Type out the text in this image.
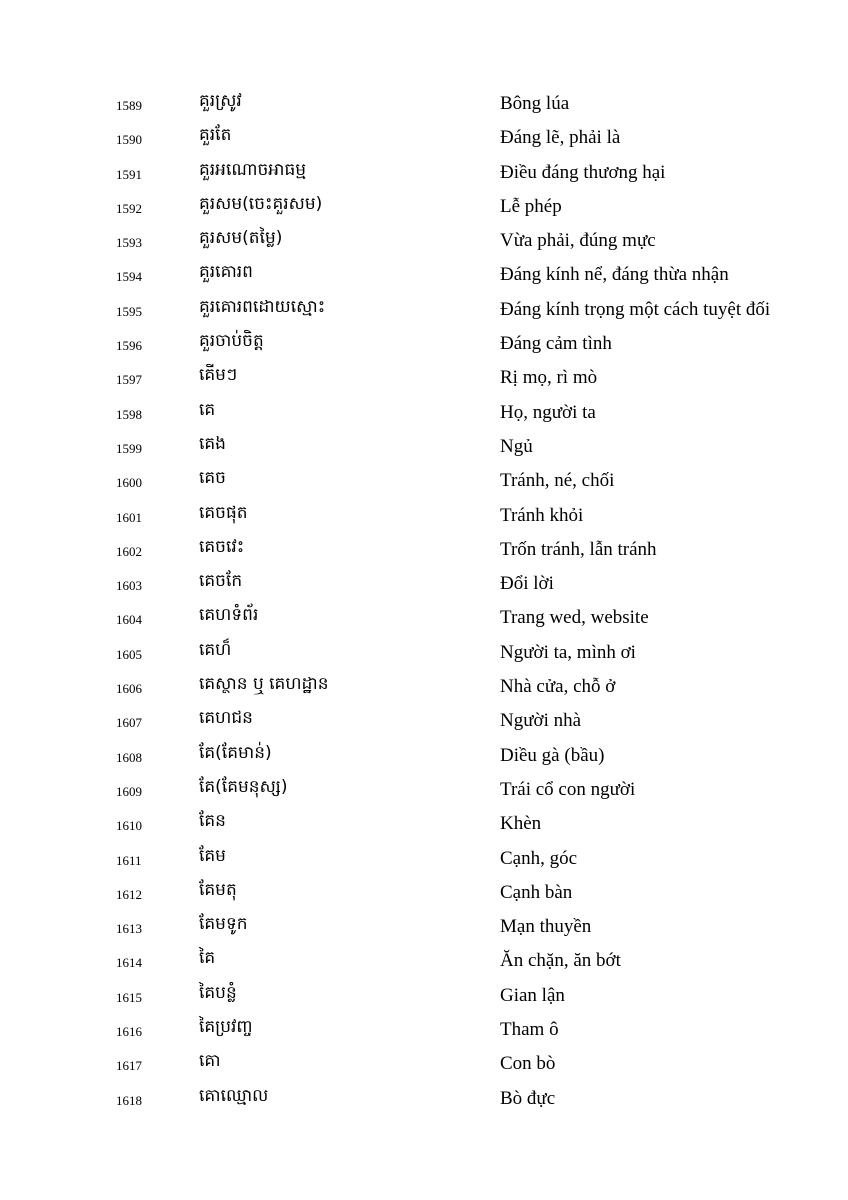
1589	គួរស្រូវ	Bông lúa
1590	គួរតែ	Đáng lẽ, phải là
1591	គួរអណោចអាធម្ម	Điều đáng thương hại
1592	គួរសម(ចេះគួរសម)	Lễ phép
1593	គួរសម(តម្លៃ)	Vừa phải, đúng mực
1594	គួរគោរព	Đáng kính nể, đáng thừa nhận
1595	គួរគោរពដោយស្មោះ	Đáng kính trọng một cách tuyệt đối
1596	គួរចាប់ចិត្ត	Đáng cảm tình
1597	គើមៗ	Rị mọ, rì mò
1598	គេ	Họ, người ta
1599	គេង	Ngủ
1600	គេច	Tránh, né, chối
1601	គេចផុត	Tránh khỏi
1602	គេចវេះ	Trốn tránh, lẫn tránh
1603	គេចកែ	Đổi lời
1604	គេហទំព័រ	Trang wed, website
1605	គេហ៏	Người ta, mình ơi
1606	គេស្ថាន ឬ គេហដ្ឋាន	Nhà cửa, chỗ ở
1607	គេហជន	Người nhà
1608	គែ(គែមាន់)	Diều gà (bầu)
1609	គែ(គែមនុស្ស)	Trái cổ con người
1610	គែន	Khèn
1611	គែម	Cạnh, góc
1612	គែមតុ	Cạnh bàn
1613	គែមទូក	Mạn thuyền
1614	គៃ	Ăn chặn, ăn bớt
1615	គៃបន្លំ	Gian lận
1616	គៃប្រវញ្ច	Tham ô
1617	គោ	Con bò
1618	គោឈ្មោល	Bò đực
